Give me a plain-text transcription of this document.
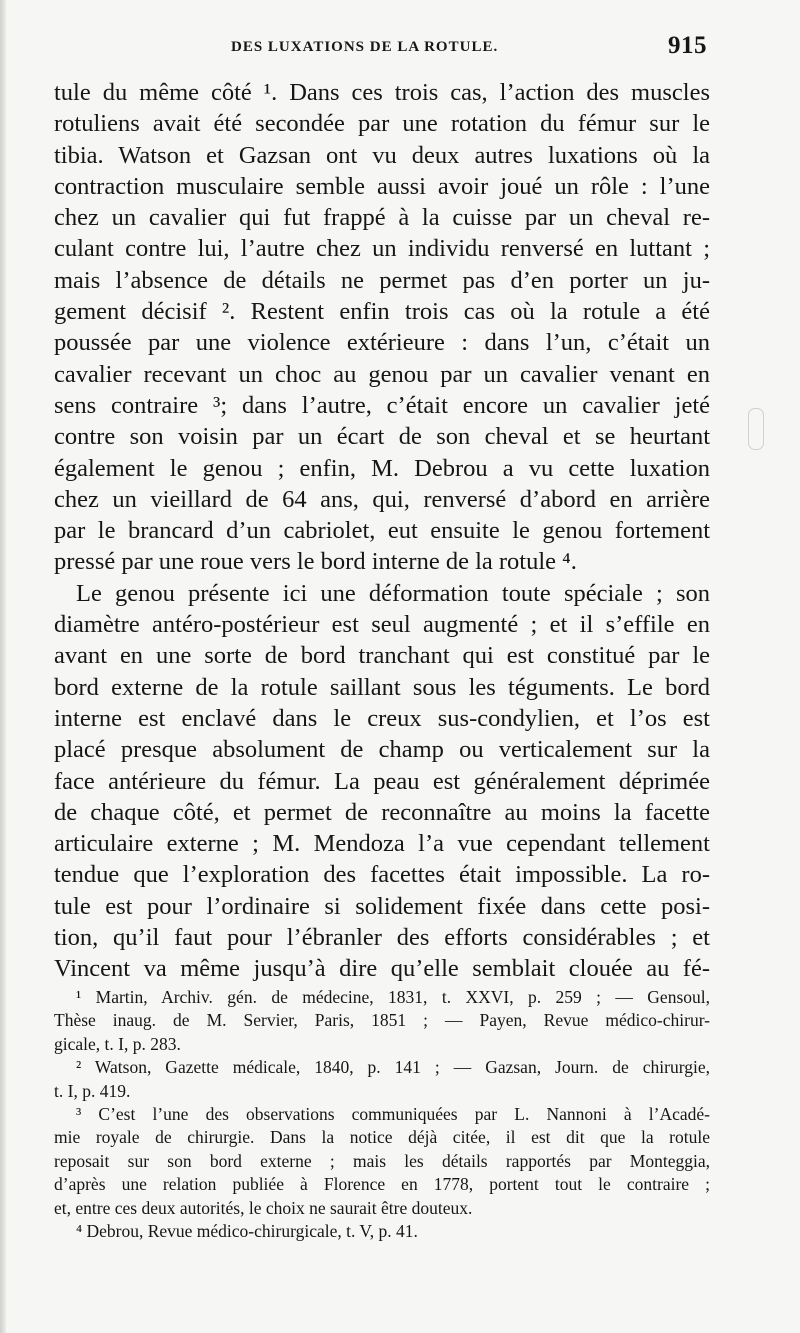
DES LUXATIONS DE LA ROTULE.	915
tule du même côté ¹. Dans ces trois cas, l’action des muscles
rotuliens avait été secondée par une rotation du fémur sur le
tibia. Watson et Gazsan ont vu deux autres luxations où la
contraction musculaire semble aussi avoir joué un rôle : l’une
chez un cavalier qui fut frappé à la cuisse par un cheval re-
culant contre lui, l’autre chez un individu renversé en luttant ;
mais l’absence de détails ne permet pas d’en porter un ju-
gement décisif ². Restent enfin trois cas où la rotule a été
poussée par une violence extérieure : dans l’un, c’était un
cavalier recevant un choc au genou par un cavalier venant en
sens contraire ³; dans l’autre, c’était encore un cavalier jeté
contre son voisin par un écart de son cheval et se heurtant
également le genou ; enfin, M. Debrou a vu cette luxation
chez un vieillard de 64 ans, qui, renversé d’abord en arrière
par le brancard d’un cabriolet, eut ensuite le genou fortement
pressé par une roue vers le bord interne de la rotule ⁴.
Le genou présente ici une déformation toute spéciale ; son
diamètre antéro-postérieur est seul augmenté ; et il s’effile en
avant en une sorte de bord tranchant qui est constitué par le
bord externe de la rotule saillant sous les téguments. Le bord
interne est enclavé dans le creux sus-condylien, et l’os est
placé presque absolument de champ ou verticalement sur la
face antérieure du fémur. La peau est généralement déprimée
de chaque côté, et permet de reconnaître au moins la facette
articulaire externe ; M. Mendoza l’a vue cependant tellement
tendue que l’exploration des facettes était impossible. La ro-
tule est pour l’ordinaire si solidement fixée dans cette posi-
tion, qu’il faut pour l’ébranler des efforts considérables ; et
Vincent va même jusqu’à dire qu’elle semblait clouée au fé-
¹ Martin, Archiv. gén. de médecine, 1831, t. XXVI, p. 259 ; — Gensoul,
Thèse inaug. de M. Servier, Paris, 1851 ; — Payen, Revue médico-chirur-
gicale, t. I, p. 283.
² Watson, Gazette médicale, 1840, p. 141 ; — Gazsan, Journ. de chirurgie,
t. I, p. 419.
³ C’est l’une des observations communiquées par L. Nannoni à l’Acadé-
mie royale de chirurgie. Dans la notice déjà citée, il est dit que la rotule
reposait sur son bord externe ; mais les détails rapportés par Monteggia,
d’après une relation publiée à Florence en 1778, portent tout le contraire ;
et, entre ces deux autorités, le choix ne saurait être douteux.
⁴ Debrou, Revue médico-chirurgicale, t. V, p. 41.
